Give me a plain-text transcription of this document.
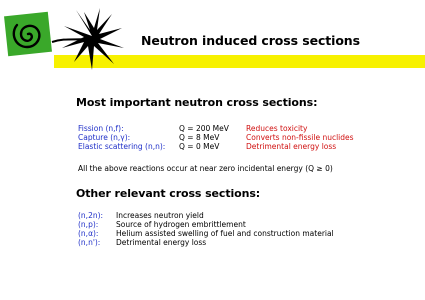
Neutron induced cross sections
Most important neutron cross sections:
Fission (n,f):	Q = 200 MeV Reduces toxicity
Capture (n,γ):	Q = 8 MeV	Converts non-fissile nuclides
Elastic scattering (n,n): Q = 0 MeV	Detrimental energy loss
All the above reactions occur at near zero incidental energy (Q ≥ 0)
Other relevant cross sections:
(n,2n): Increases neutron yield
(n,p): Source of hydrogen embrittlement
(n,α): Helium assisted swelling of fuel and construction material
(n,n'): Detrimental energy loss
